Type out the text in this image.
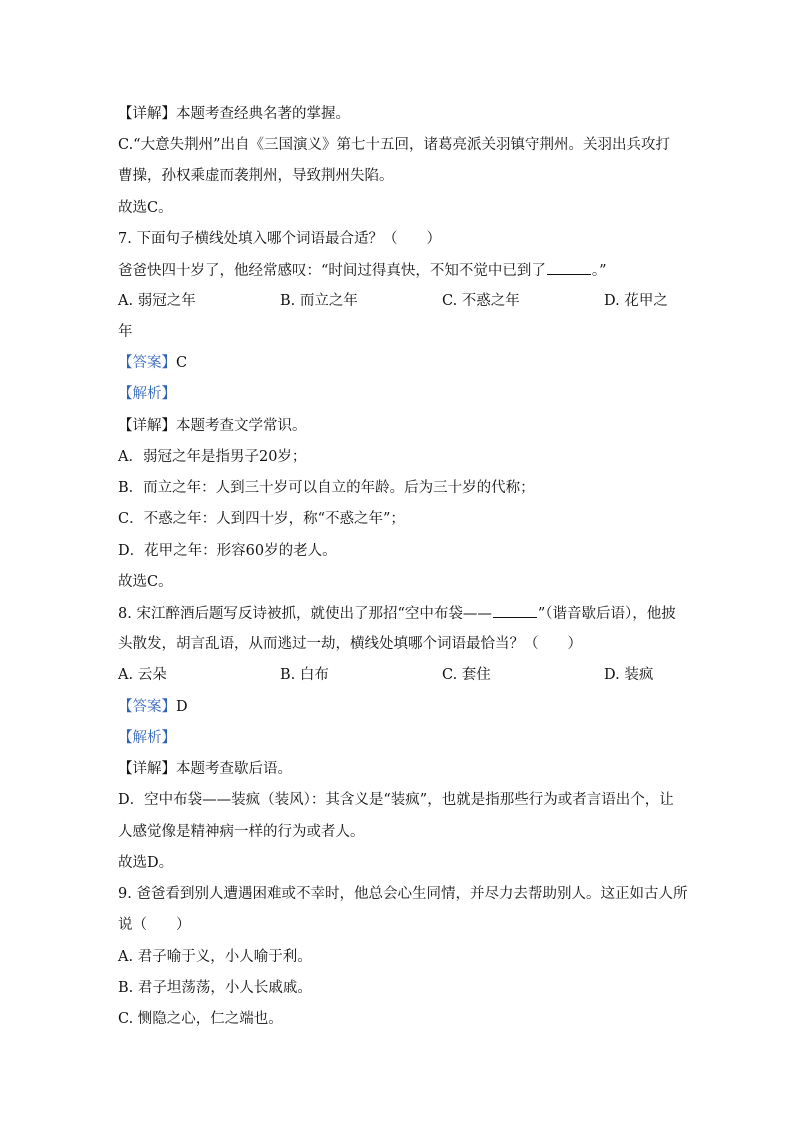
【详解】本题考查经典名著的掌握。
C.“大意失荆州”出自《三国演义》第七十五回，诸葛亮派关羽镇守荆州。关羽出兵攻打
曹操，孙权乘虚而袭荆州，导致荆州失陷。
故选C。
7. 下面句子横线处填入哪个词语最合适？（　　）
爸爸快四十岁了，他经常感叹：“时间过得真快，不知不觉中已到了	。”
A. 弱冠之年	B. 而立之年	C. 不惑之年	D. 花甲之
年
【答案】C
【解析】
【详解】本题考查文学常识。
A．弱冠之年是指男子20岁；
B．而立之年：人到三十岁可以自立的年龄。后为三十岁的代称；
C．不惑之年：人到四十岁，称“不惑之年”；
D．花甲之年：形容60岁的老人。
故选C。
8. 宋江醉酒后题写反诗被抓，就使出了那招“空中布袋——	”（谐音歇后语），他披
头散发，胡言乱语，从而逃过一劫，横线处填哪个词语最恰当？（　　）
A. 云朵	B. 白布	C. 套住	D. 装疯
【答案】D
【解析】
【详解】本题考查歇后语。
D．空中布袋——装疯（装风）：其含义是“装疯”，也就是指那些行为或者言语出个，让
人感觉像是精神病一样的行为或者人。
故选D。
9. 爸爸看到别人遭遇困难或不幸时，他总会心生同情，并尽力去帮助别人。这正如古人所
说（　　）
A. 君子喻于义，小人喻于利。
B. 君子坦荡荡，小人长戚戚。
C. 恻隐之心，仁之端也。
